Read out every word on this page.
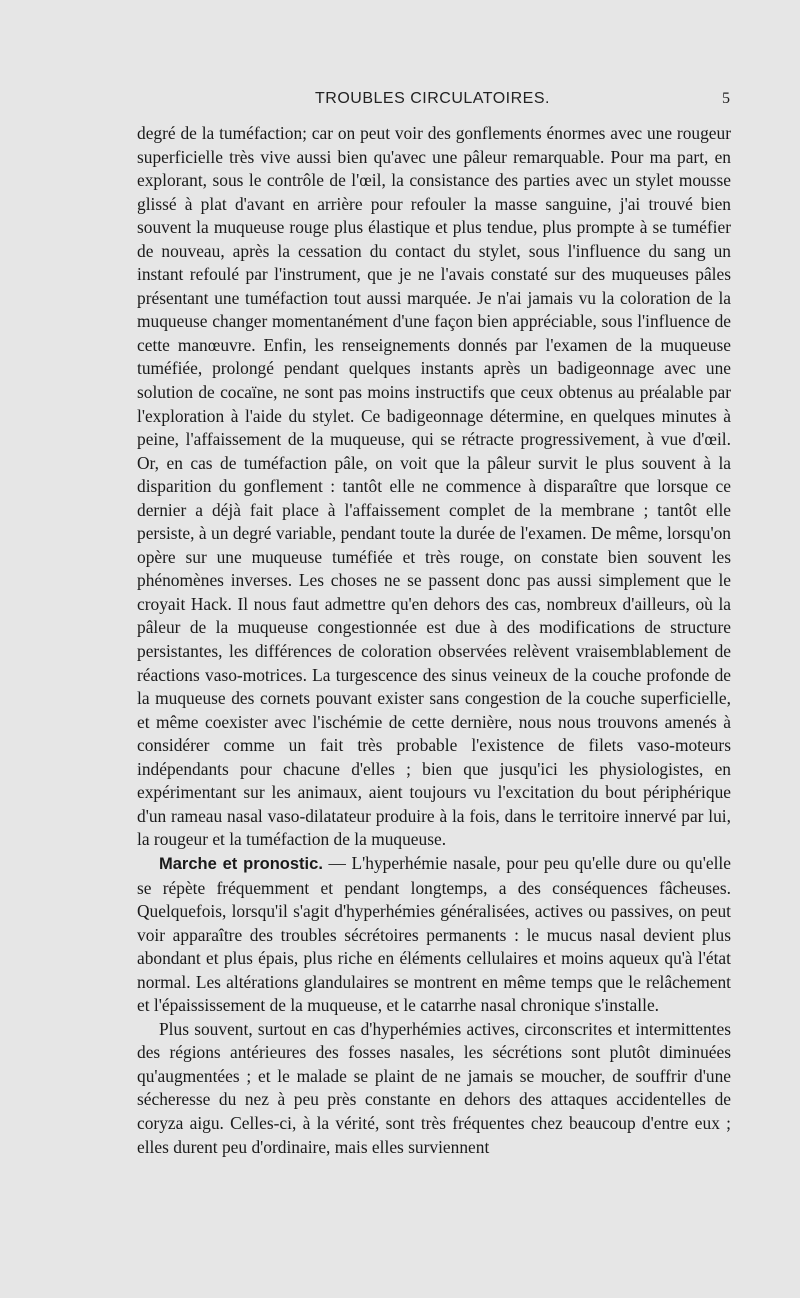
TROUBLES CIRCULATOIRES.	5

degré de la tuméfaction; car on peut voir des gonflements énormes avec une rougeur superficielle très vive aussi bien qu'avec une pâleur remarquable. Pour ma part, en explorant, sous le contrôle de l'œil, la consistance des parties avec un stylet mousse glissé à plat d'avant en arrière pour refouler la masse sanguine, j'ai trouvé bien souvent la muqueuse rouge plus élastique et plus tendue, plus prompte à se tuméfier de nouveau, après la cessation du contact du stylet, sous l'influence du sang un instant refoulé par l'instrument, que je ne l'avais constaté sur des muqueuses pâles présentant une tuméfaction tout aussi marquée. Je n'ai jamais vu la coloration de la muqueuse changer momentanément d'une façon bien appréciable, sous l'influence de cette manœuvre. Enfin, les renseignements donnés par l'examen de la muqueuse tuméfiée, prolongé pendant quelques instants après un badigeonnage avec une solution de cocaïne, ne sont pas moins instructifs que ceux obtenus au préalable par l'exploration à l'aide du stylet. Ce badigeonnage détermine, en quelques minutes à peine, l'affaissement de la muqueuse, qui se rétracte progressivement, à vue d'œil. Or, en cas de tuméfaction pâle, on voit que la pâleur survit le plus souvent à la disparition du gonflement : tantôt elle ne commence à disparaître que lorsque ce dernier a déjà fait place à l'affaissement complet de la membrane ; tantôt elle persiste, à un degré variable, pendant toute la durée de l'examen. De même, lorsqu'on opère sur une muqueuse tuméfiée et très rouge, on constate bien souvent les phénomènes inverses. Les choses ne se passent donc pas aussi simplement que le croyait Hack. Il nous faut admettre qu'en dehors des cas, nombreux d'ailleurs, où la pâleur de la muqueuse congestionnée est due à des modifications de structure persistantes, les différences de coloration observées relèvent vraisemblablement de réactions vaso-motrices. La turgescence des sinus veineux de la couche profonde de la muqueuse des cornets pouvant exister sans congestion de la couche superficielle, et même coexister avec l'ischémie de cette dernière, nous nous trouvons amenés à considérer comme un fait très probable l'existence de filets vaso-moteurs indépendants pour chacune d'elles ; bien que jusqu'ici les physiologistes, en expérimentant sur les animaux, aient toujours vu l'excitation du bout périphérique d'un rameau nasal vaso-dilatateur produire à la fois, dans le territoire innervé par lui, la rougeur et la tuméfaction de la muqueuse.

Marche et pronostic. — L'hyperhémie nasale, pour peu qu'elle dure ou qu'elle se répète fréquemment et pendant longtemps, a des conséquences fâcheuses. Quelquefois, lorsqu'il s'agit d'hyperhémies généralisées, actives ou passives, on peut voir apparaître des troubles sécrétoires permanents : le mucus nasal devient plus abondant et plus épais, plus riche en éléments cellulaires et moins aqueux qu'à l'état normal. Les altérations glandulaires se montrent en même temps que le relâchement et l'épaississement de la muqueuse, et le catarrhe nasal chronique s'installe.

Plus souvent, surtout en cas d'hyperhémies actives, circonscrites et intermittentes des régions antérieures des fosses nasales, les sécrétions sont plutôt diminuées qu'augmentées ; et le malade se plaint de ne jamais se moucher, de souffrir d'une sécheresse du nez à peu près constante en dehors des attaques accidentelles de coryza aigu. Celles-ci, à la vérité, sont très fréquentes chez beaucoup d'entre eux ; elles durent peu d'ordinaire, mais elles surviennent
